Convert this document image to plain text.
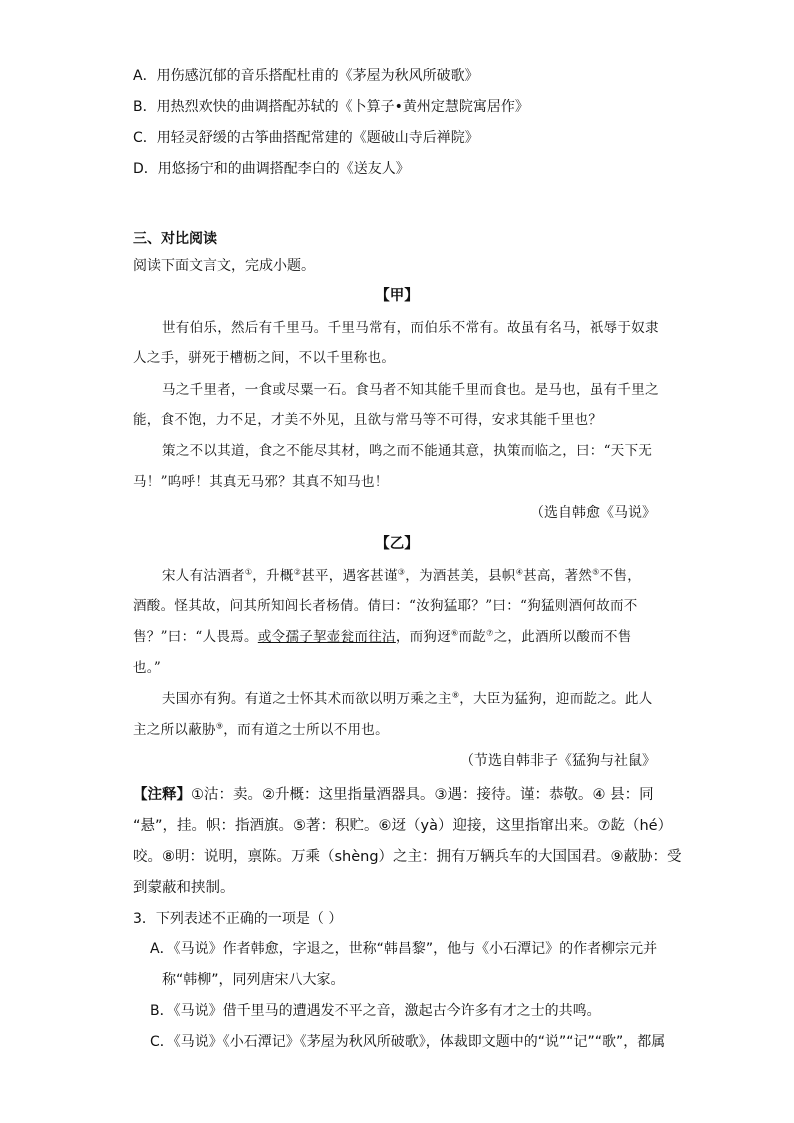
A．用伤感沉郁的音乐搭配杜甫的《茅屋为秋风所破歌》
B．用热烈欢快的曲调搭配苏轼的《卜算子•黄州定慧院寓居作》
C．用轻灵舒缓的古筝曲搭配常建的《题破山寺后禅院》
D．用悠扬宁和的曲调搭配李白的《送友人》
三、对比阅读
阅读下面文言文，完成小题。
【甲】
世有伯乐，然后有千里马。千里马常有，而伯乐不常有。故虽有名马，祇辱于奴隶
人之手，骈死于槽枥之间，不以千里称也。
马之千里者，一食或尽粟一石。食马者不知其能千里而食也。是马也，虽有千里之
能，食不饱，力不足，才美不外见，且欲与常马等不可得，安求其能千里也？
策之不以其道，食之不能尽其材，鸣之而不能通其意，执策而临之，曰：“天下无
马！”呜呼！其真无马邪？其真不知马也！
（选自韩愈《马说》
【乙】
宋人有沽酒者①，升概②甚平，遇客甚谨③，为酒甚美，县帜④甚高，著然⑤不售，
酒酸。怪其故，问其所知闾长者杨倩。倩曰：“汝狗猛耶？”曰：“狗猛则酒何故而不
售？”曰：“人畏焉。或令孺子挈壶瓮而往沽，而狗迓⑥而龁⑦之，此酒所以酸而不售
也。”
夫国亦有狗。有道之士怀其术而欲以明万乘之主⑧，大臣为猛狗，迎而龁之。此人
主之所以蔽胁⑨，而有道之士所以不用也。
（节选自韩非子《猛狗与社鼠》
【注释】①沽：卖。②升概：这里指量酒器具。③遇：接待。谨：恭敬。④ 县：同
“悬”，挂。帜：指酒旗。⑤著：积贮。⑥迓（yà）迎接，这里指窜出来。⑦龁（hé）
咬。⑧明：说明，禀陈。万乘（shèng）之主：拥有万辆兵车的大国国君。⑨蔽胁：受
到蒙蔽和挟制。
3．下列表述不正确的一项是（ ）
A．《马说》作者韩愈，字退之，世称“韩昌黎”，他与《小石潭记》的作者柳宗元并
称“韩柳”，同列唐宋八大家。
B．《马说》借千里马的遭遇发不平之音，激起古今许多有才之士的共鸣。
C．《马说》《小石潭记》《茅屋为秋风所破歌》，体裁即文题中的“说”“记”“歌”，都属
